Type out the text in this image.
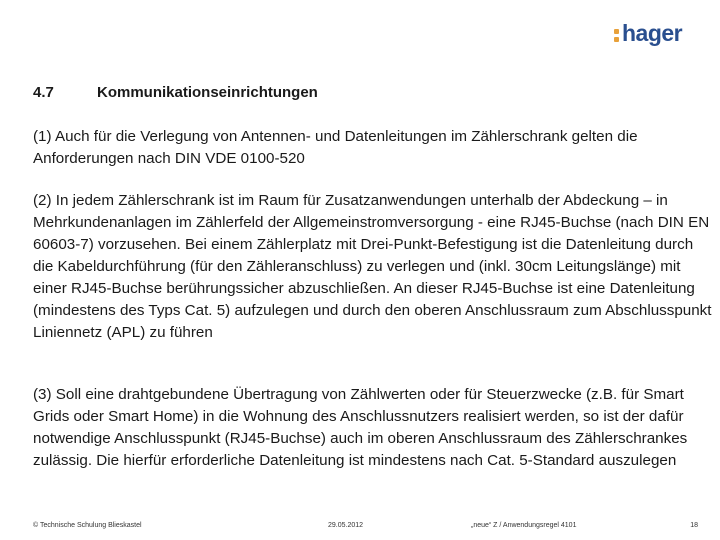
hager
4.7	Kommunikationseinrichtungen

(1) Auch für die Verlegung von Antennen- und Datenleitungen im Zählerschrank gelten die Anforderungen nach DIN VDE 0100-520

(2) In jedem Zählerschrank ist im Raum für Zusatzanwendungen unterhalb der Abdeckung – in Mehrkundenanlagen im Zählerfeld der Allgemeinstromversorgung - eine RJ45-Buchse (nach DIN EN 60603-7) vorzusehen. Bei einem Zählerplatz mit Drei-Punkt-Befestigung ist die Datenleitung durch die Kabeldurchführung (für den Zähleranschluss) zu verlegen und (inkl. 30cm Leitungslänge) mit einer RJ45-Buchse berührungssicher abzuschließen. An dieser RJ45-Buchse ist eine Datenleitung (mindestens des Typs Cat. 5) aufzulegen und durch den oberen Anschlussraum zum Abschlusspunkt Liniennetz (APL) zu führen

(3) Soll eine drahtgebundene Übertragung von Zählwerten oder für Steuerzwecke (z.B. für Smart Grids oder Smart Home) in die Wohnung des Anschlussnutzers realisiert werden, so ist der dafür notwendige Anschlusspunkt (RJ45-Buchse) auch im oberen Anschlussraum des Zählerschrankes zulässig. Die hierfür erforderliche Datenleitung ist mindestens nach Cat. 5-Standard auszulegen

© Technische Schulung Blieskastel	29.05.2012	„neue“ Z / Anwendungsregel 4101	18
